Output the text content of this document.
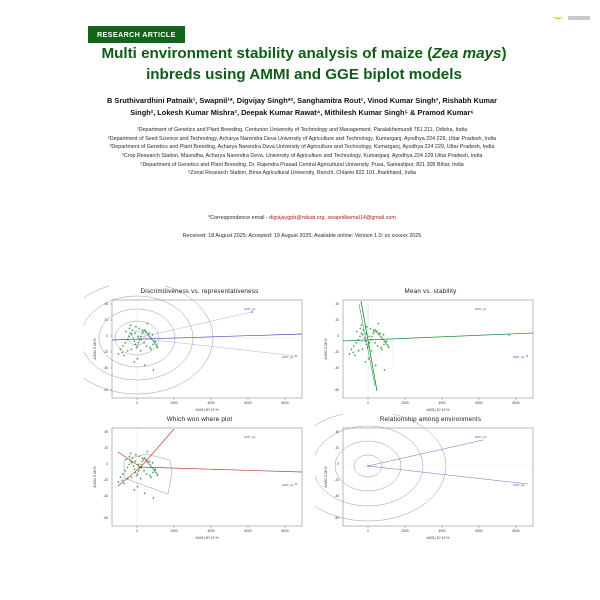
RESEARCH ARTICLE
Multi environment stability analysis of maize (Zea mays)
inbreds using AMMI and GGE biplot models
B Sruthivardhini Patnaik¹, Swapnil¹*, Digvijay Singh*², Sanghamitra Rout¹, Vinod Kumar Singh³, Rishabh Kumar
Singh², Lokesh Kumar Mishra², Deepak Kumar Rawat⁴, Mithilesh Kumar Singh⁵ & Pramod Kumar⁶
¹Department of Genetics and Plant Breeding, Centurion University of Technology and Management, Paralakhemundi 761 211, Odisha, India
²Department of Seed Science and Technology, Acharya Narendra Deva University of Agriculture and Technology, Kumarganj, Ayodhya 224 229, Uttar Pradesh, India
³Department of Genetics and Plant Breeding, Acharya Narendra Deva University of Agriculture and Technology, Kumarganj, Ayodhya 224 229, Uttar Pradesh, India
⁴Crop Research Station, Masodha, Acharya Narendra Deva, University of Agriculture and Technology, Kumarganj, Ayodhya 224 229 Uttar Pradesh, India
⁵Department of Genetics and Plant Breeding, Dr. Rajendra Prasad Central Agricultural University, Pusa, Samastipur, 821 305 Bihar, India
⁶Zonal Research Station, Birsa Agricultural University, Ranchi, Chianki 822 101 Jharkhand, India
*Correspondence email - digvijaygpb@nduat.org, swapnilkomal14@gmail.com
Received: 18 August 2025; Accepted: 19 August 2025; Available online: Version 1.0: xx xxxxxx 2025
Discrimitiveness vs. representativeness
40
20
0
-20
-40
-60
0	2000	4000	6000	8000
AXIS1 87.19 %
AXIS2 5.38 %
GPP_e1
GPP_e2
Mean vs. stability
40
20
0
-20
-40
-60
0	2000	4000	6000	8000
AXIS1 87.19 %
AXIS2 5.38 %
GPP_e1
GPP_e2
Which won where plot
40
20
0
-20
-40
-60
0	2000	4000	6000	8000
AXIS1 87.19 %
AXIS2 5.38 %
GPP_e1
GPP_e2
Relationship among environments
40
20
0
-20
-40
-60
0	2000	4000	6000	8000
AXIS1 87.19 %
AXIS2 5.38 %
GPP_e1
GPP_e2
